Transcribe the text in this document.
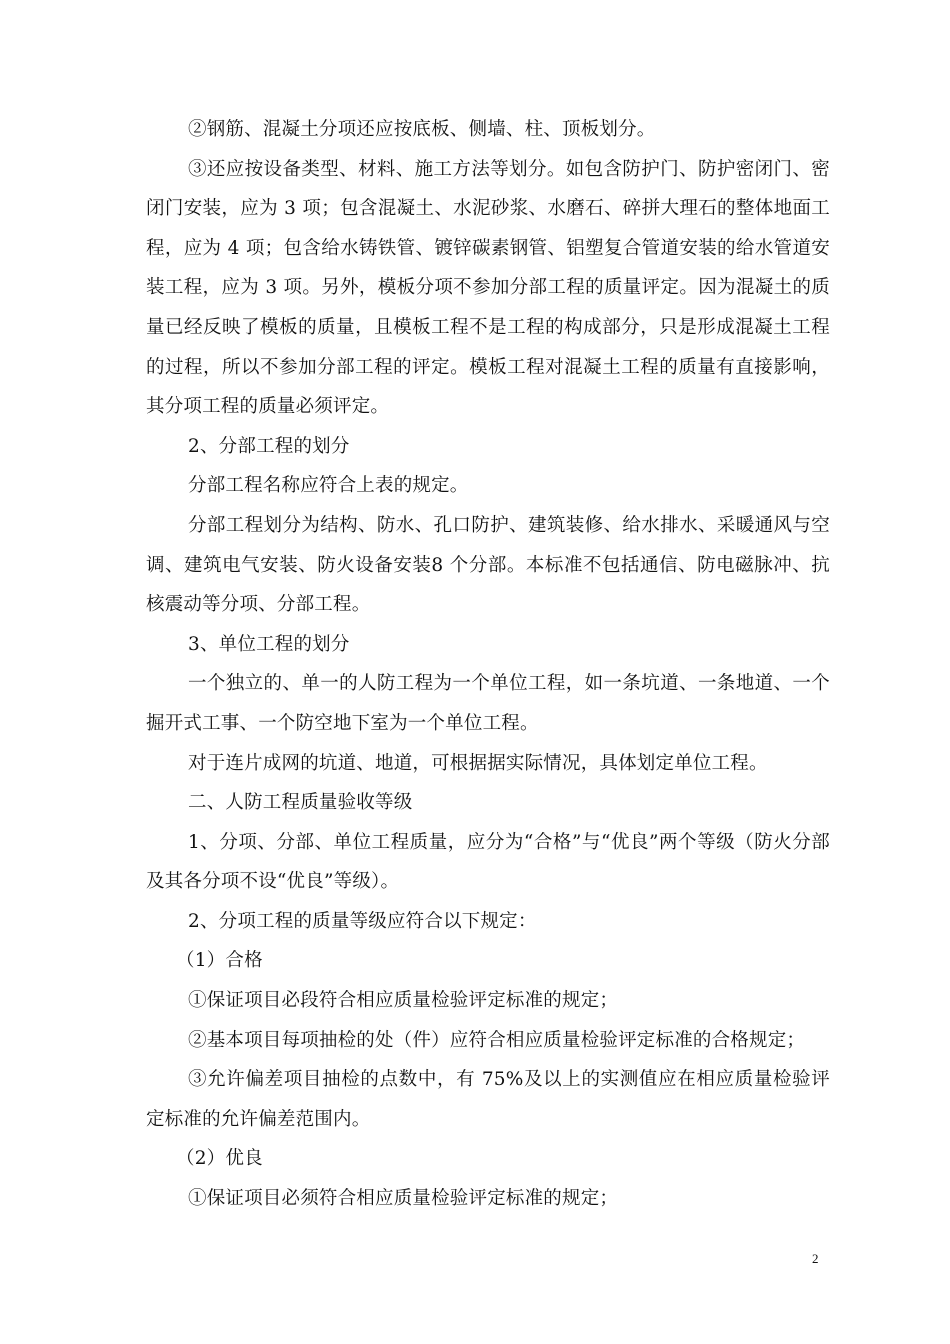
②钢筋、混凝土分项还应按底板、侧墙、柱、顶板划分。

③还应按设备类型、材料、施工方法等划分。如包含防护门、防护密闭门、密闭门安装，应为 3 项；包含混凝土、水泥砂浆、水磨石、碎拼大理石的整体地面工程，应为 4 项；包含给水铸铁管、镀锌碳素钢管、铝塑复合管道安装的给水管道安装工程，应为 3 项。另外，模板分项不参加分部工程的质量评定。因为混凝土的质量已经反映了模板的质量，且模板工程不是工程的构成部分，只是形成混凝土工程的过程，所以不参加分部工程的评定。模板工程对混凝土工程的质量有直接影响，其分项工程的质量必须评定。

2、分部工程的划分

分部工程名称应符合上表的规定。

分部工程划分为结构、防水、孔口防护、建筑装修、给水排水、采暖通风与空调、建筑电气安装、防火设备安装8 个分部。本标准不包括通信、防电磁脉冲、抗核震动等分项、分部工程。

3、单位工程的划分

一个独立的、单一的人防工程为一个单位工程，如一条坑道、一条地道、一个掘开式工事、一个防空地下室为一个单位工程。

对于连片成网的坑道、地道，可根据据实际情况，具体划定单位工程。

二、人防工程质量验收等级

1、分项、分部、单位工程质量，应分为“合格”与“优良”两个等级（防火分部及其各分项不设“优良”等级）。

2、分项工程的质量等级应符合以下规定：

（1）合格

①保证项目必段符合相应质量检验评定标准的规定；

②基本项目每项抽检的处（件）应符合相应质量检验评定标准的合格规定；

③允许偏差项目抽检的点数中，有 75%及以上的实测值应在相应质量检验评定标准的允许偏差范围内。

（2）优良

①保证项目必须符合相应质量检验评定标准的规定；

2
